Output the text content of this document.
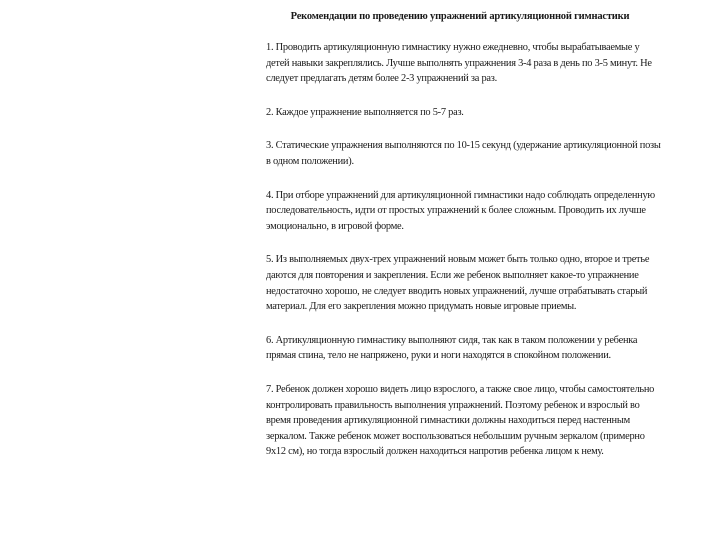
Рекомендации по проведению упражнений артикуляционной гимнастики

1. Проводить артикуляционную гимнастику нужно ежедневно, чтобы вырабатываемые у детей навыки закреплялись. Лучше выполнять упражнения 3-4 раза в день по 3-5 минут. Не следует предлагать детям более 2-3 упражнений за раз.

2. Каждое упражнение выполняется по 5-7 раз.

3. Статические упражнения выполняются по 10-15 секунд (удержание артикуляционной позы в одном положении).

4. При отборе упражнений для артикуляционной гимнастики надо соблюдать определенную последовательность, идти от простых упражнений к более сложным. Проводить их лучше эмоционально, в игровой форме.

5. Из выполняемых двух-трех упражнений новым может быть только одно, второе и третье даются для повторения и закрепления. Если же ребенок выполняет какое-то упражнение недостаточно хорошо, не следует вводить новых упражнений, лучше отрабатывать старый материал. Для его закрепления можно придумать новые игровые приемы.

6. Артикуляционную гимнастику выполняют сидя, так как в таком положении у ребенка прямая спина, тело не напряжено, руки и ноги находятся в спокойном положении.

7. Ребенок должен хорошо видеть лицо взрослого, а также свое лицо, чтобы самостоятельно контролировать правильность выполнения упражнений. Поэтому ребенок и взрослый во время проведения артикуляционной гимнастики должны находиться перед настенным зеркалом. Также ребенок может воспользоваться небольшим ручным зеркалом (примерно 9x12 см), но тогда взрослый должен находиться напротив ребенка лицом к нему.
